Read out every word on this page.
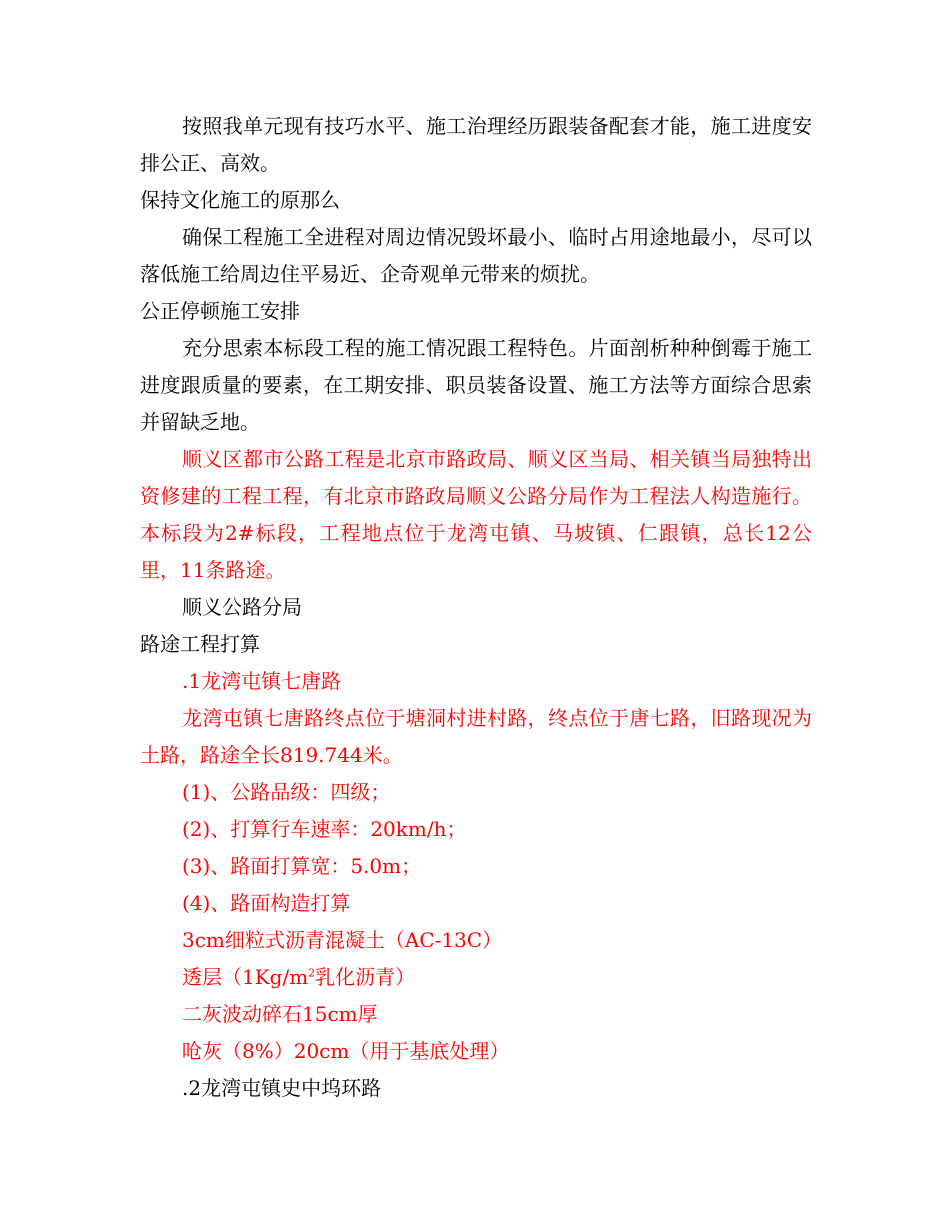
按照我单元现有技巧水平、施工治理经历跟装备配套才能，施工进度安排公正、高效。

保持文化施工的原那么

确保工程施工全进程对周边情况毁坏最小、临时占用途地最小，尽可以落低施工给周边住平易近、企奇观单元带来的烦扰。

公正停顿施工安排

充分思索本标段工程的施工情况跟工程特色。片面剖析种种倒霉于施工进度跟质量的要素，在工期安排、职员装备设置、施工方法等方面综合思索并留缺乏地。

顺义区都市公路工程是北京市路政局、顺义区当局、相关镇当局独特出资修建的工程工程，有北京市路政局顺义公路分局作为工程法人构造施行。本标段为2#标段，工程地点位于龙湾屯镇、马坡镇、仁跟镇，总长12公里，11条路途。

顺义公路分局

路途工程打算

.1龙湾屯镇七唐路

龙湾屯镇七唐路终点位于塘洞村进村路，终点位于唐七路，旧路现况为土路，路途全长819.744米。

(1)、公路品级：四级；

(2)、打算行车速率：20km/h；

(3)、路面打算宽：5.0m；

(4)、路面构造打算

3cm细粒式沥青混凝土（AC-13C）

透层（$1Kg/m^2$乳化沥青）

二灰波动碎石15cm厚

呛灰（8%）20cm（用于基底处理）

.2龙湾屯镇史中坞环路
